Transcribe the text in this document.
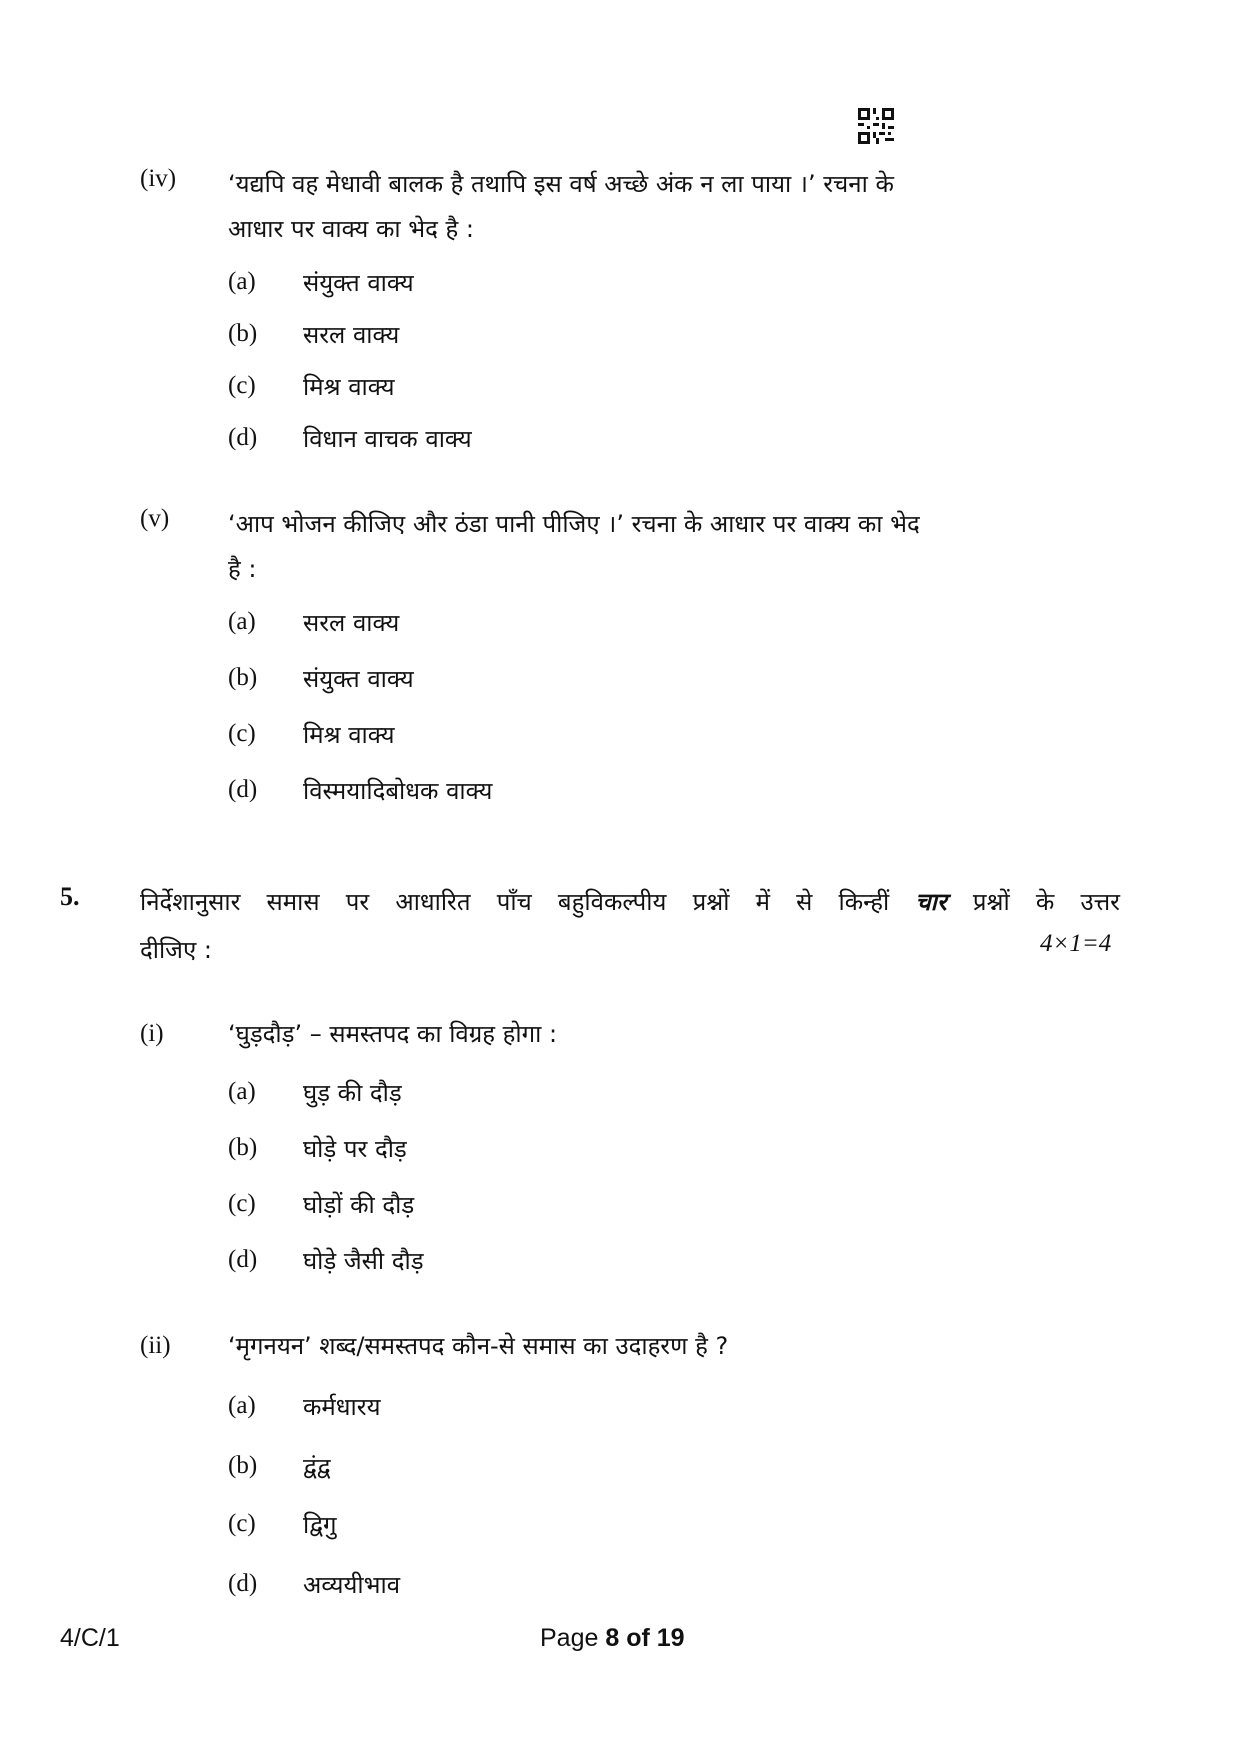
(iv) ‘यद्यपि वह मेधावी बालक है तथापि इस वर्ष अच्छे अंक न ला पाया ।’ रचना के
आधार पर वाक्य का भेद है :
(a) संयुक्त वाक्य
(b) सरल वाक्य
(c) मिश्र वाक्य
(d) विधान वाचक वाक्य
(v) ‘आप भोजन कीजिए और ठंडा पानी पीजिए ।’ रचना के आधार पर वाक्य का भेद
है :
(a) सरल वाक्य
(b) संयुक्त वाक्य
(c) मिश्र वाक्य
(d) विस्मयादिबोधक वाक्य
5.	निर्देशानुसार समास पर आधारित पाँच बहुविकल्पीय प्रश्नों में से किन्हीं चार प्रश्नों के उत्तर
दीजिए :	4×1=4
(i)	‘घुड़दौड़’ – समस्तपद का विग्रह होगा :
(a) घुड़ की दौड़
(b) घोड़े पर दौड़
(c) घोड़ों की दौड़
(d) घोड़े जैसी दौड़
(ii) ‘मृगनयन’ शब्द/समस्तपद कौन-से समास का उदाहरण है ?
(a) कर्मधारय
(b) द्वंद्व
(c) द्विगु
(d) अव्ययीभाव
4/C/1	Page 8 of 19
